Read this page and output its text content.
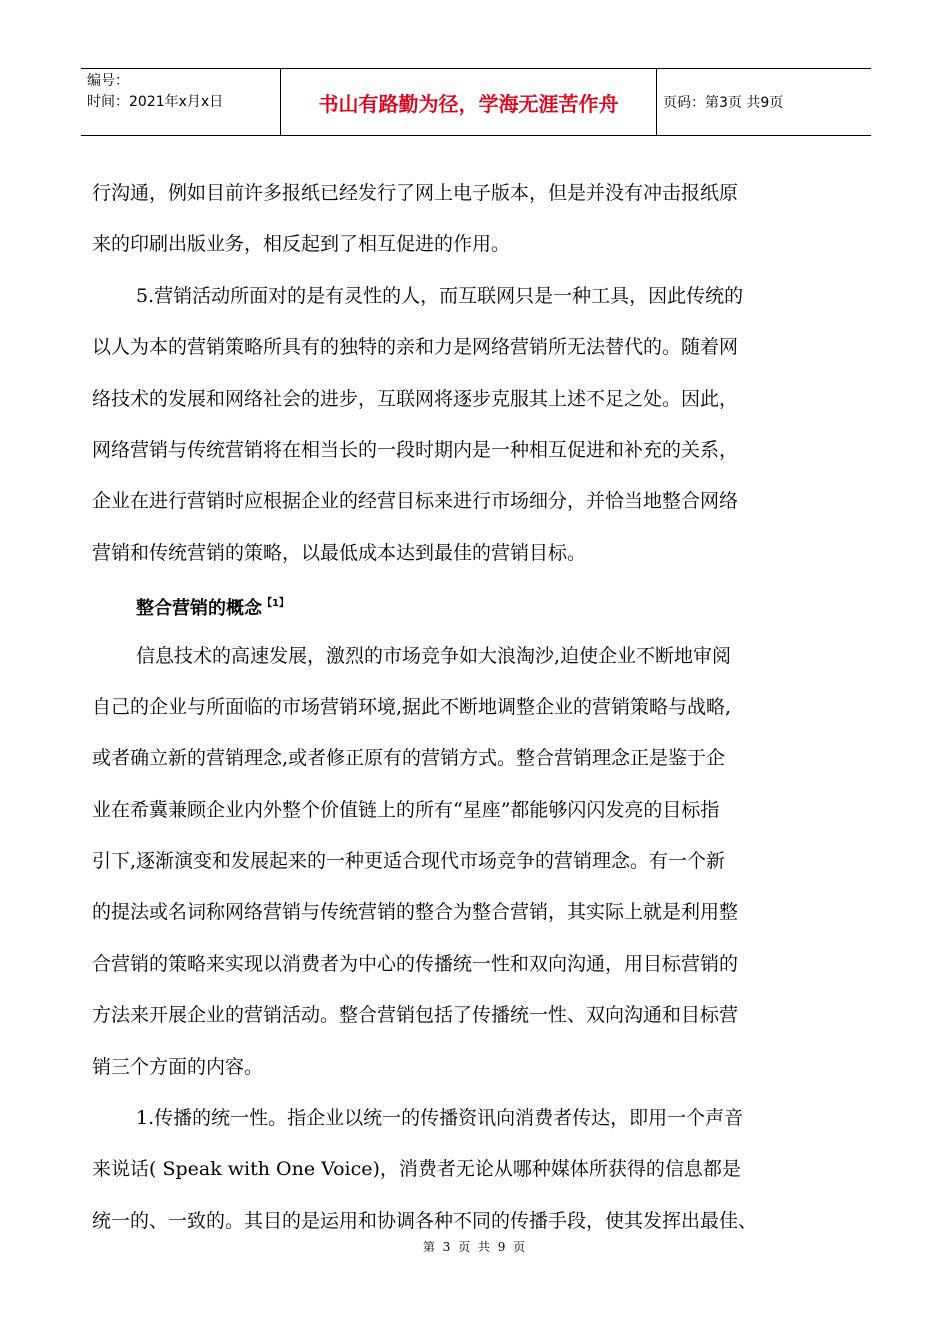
编号：
时间：2021年x月x日	书山有路勤为径，学海无涯苦作舟	页码：第3页 共9页
行沟通，例如目前许多报纸已经发行了网上电子版本，但是并没有冲击报纸原
来的印刷出版业务，相反起到了相互促进的作用。
5.营销活动所面对的是有灵性的人，而互联网只是一种工具，因此传统的
以人为本的营销策略所具有的独特的亲和力是网络营销所无法替代的。随着网
络技术的发展和网络社会的进步，互联网将逐步克服其上述不足之处。因此，
网络营销与传统营销将在相当长的一段时期内是一种相互促进和补充的关系，
企业在进行营销时应根据企业的经营目标来进行市场细分，并恰当地整合网络
营销和传统营销的策略，以最低成本达到最佳的营销目标。
整合营销的概念$^{【1】}$
信息技术的高速发展，激烈的市场竞争如大浪淘沙,迫使企业不断地审阅
自己的企业与所面临的市场营销环境,据此不断地调整企业的营销策略与战略,
或者确立新的营销理念,或者修正原有的营销方式。整合营销理念正是鉴于企
业在希冀兼顾企业内外整个价值链上的所有“星座”都能够闪闪发亮的目标指
引下,逐渐演变和发展起来的一种更适合现代市场竞争的营销理念。有一个新
的提法或名词称网络营销与传统营销的整合为整合营销，其实际上就是利用整
合营销的策略来实现以消费者为中心的传播统一性和双向沟通，用目标营销的
方法来开展企业的营销活动。整合营销包括了传播统一性、双向沟通和目标营
销三个方面的内容。
1.传播的统一性。指企业以统一的传播资讯向消费者传达，即用一个声音
来说话( Speak with One Voice)，消费者无论从哪种媒体所获得的信息都是
统一的、一致的。其目的是运用和协调各种不同的传播手段，使其发挥出最佳、
第 3 页 共 9 页
